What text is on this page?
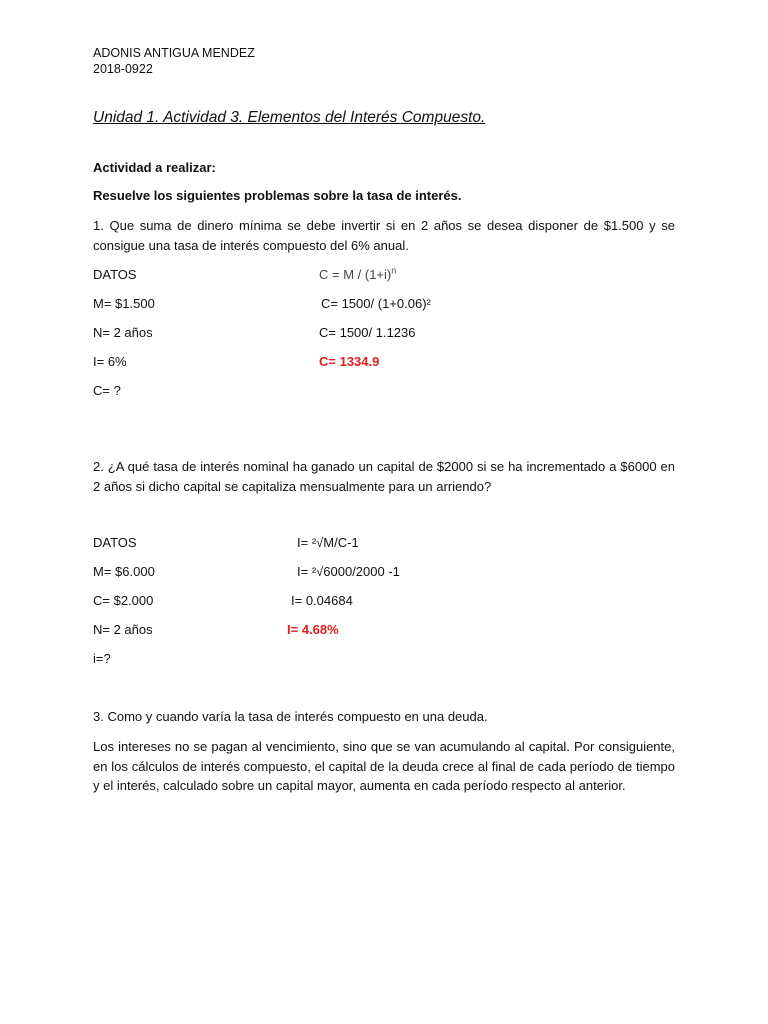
ADONIS ANTIGUA MENDEZ
2018-0922
Unidad 1. Actividad 3. Elementos del Interés Compuesto.
Actividad a realizar:
Resuelve los siguientes problemas sobre la tasa de interés.
1. Que suma de dinero mínima se debe invertir si en 2 años se desea disponer de $1.500 y se consigue una tasa de interés compuesto del 6% anual.
DATOS
M= $1.500
N= 2 años
I= 6%
C= ?
$C = M / (1+i)^n$
C= 1500/ (1+0.06)²
C= 1500/ 1.1236
C= 1334.9
2. ¿A qué tasa de interés nominal ha ganado un capital de $2000 si se ha incrementado a $6000 en 2 años si dicho capital se capitaliza mensualmente para un arriendo?
DATOS
M= $6.000
C= $2.000
N= 2 años
i=?
I= ²√M/C-1
I= ²√6000/2000 -1
I= 0.04684
I= 4.68%
3. Como y cuando varía la tasa de interés compuesto en una deuda.
Los intereses no se pagan al vencimiento, sino que se van acumulando al capital. Por consiguiente, en los cálculos de interés compuesto, el capital de la deuda crece al final de cada período de tiempo y el interés, calculado sobre un capital mayor, aumenta en cada período respecto al anterior.
